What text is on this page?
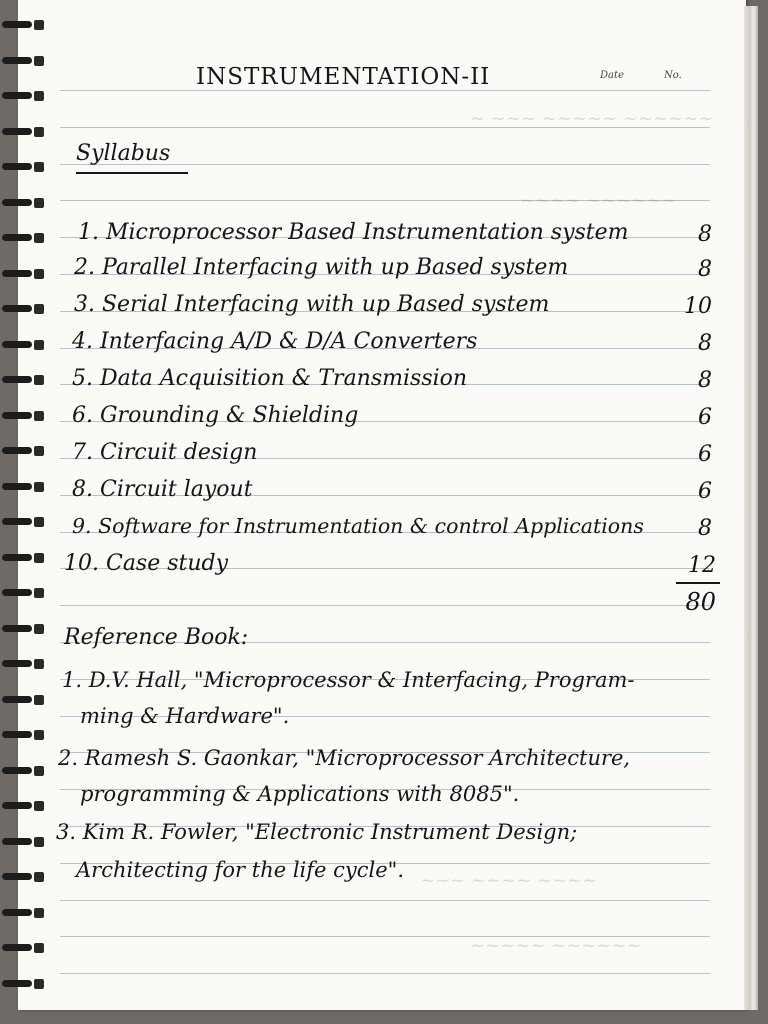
~ ~~~ ~~~~~ ~~~~~~
~~~~ ~~~~~~
~~~ ~~~~ ~~~~
~~~~~ ~~~~~~
INSTRUMENTATION-II	Date	No.
Syllabus
1. Microprocessor Based Instrumentation system	8
2. Parallel Interfacing with up Based system	8
3. Serial Interfacing with up Based system	10
4. Interfacing A/D & D/A Converters	8
5. Data Acquisition & Transmission	8
6. Grounding & Shielding	6
7. Circuit design	6
8. Circuit layout	6
9. Software for Instrumentation & control Applications	8
10. Case study	12
80
Reference Book:
1. D.V. Hall, "Microprocessor & Interfacing, Program-
ming & Hardware".
2. Ramesh S. Gaonkar, "Microprocessor Architecture,
programming & Applications with 8085".
3. Kim R. Fowler, "Electronic Instrument Design;
Architecting for the life cycle".
